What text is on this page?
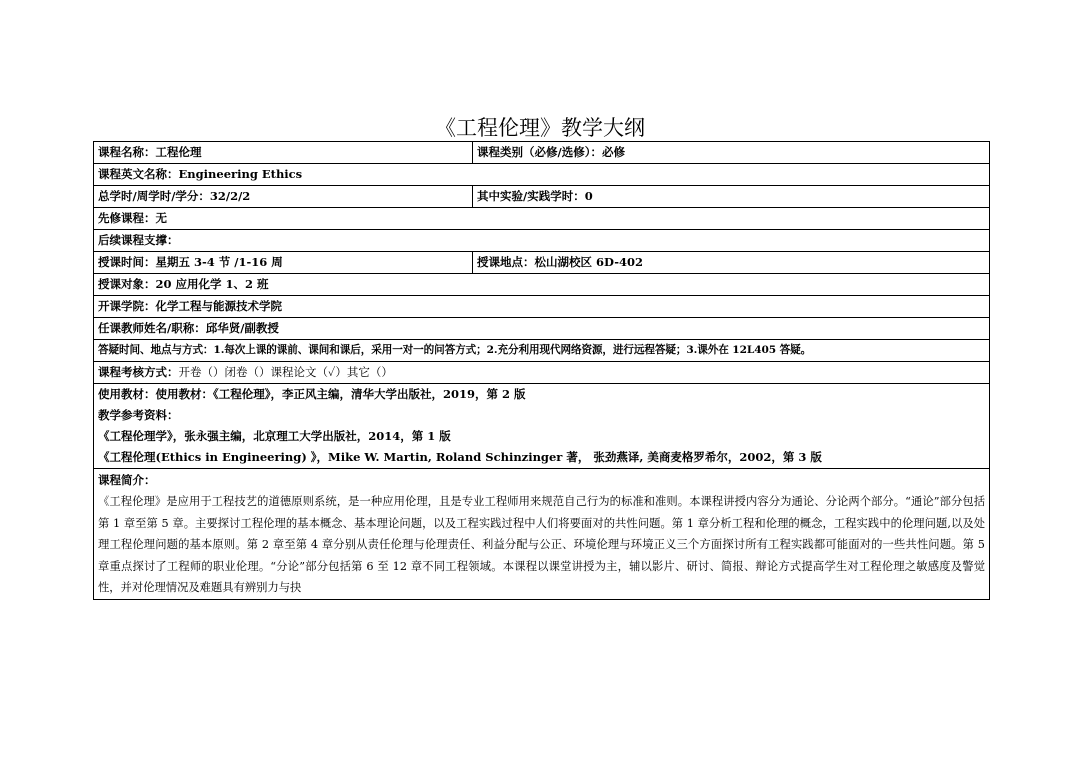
《工程伦理》教学大纲
课程名称：工程伦理	课程类别（必修/选修）：必修
课程英文名称：Engineering Ethics	
总学时/周学时/学分：32/2/2	其中实验/实践学时：0
先修课程：无	
后续课程支撑：	
授课时间：星期五 3-4 节 /1-16 周	授课地点：松山湖校区 6D-402
授课对象：20 应用化学 1、2 班	
开课学院：化学工程与能源技术学院	
任课教师姓名/职称：邱华贤/副教授	
答疑时间、地点与方式：1.每次上课的课前、课间和课后，采用一对一的问答方式；2.充分利用现代网络资源，进行远程答疑；3.课外在 12L405 答疑。	
课程考核方式：开卷（）闭卷（）课程论文（✓）其它（）	

使用教材：使用教材：《工程伦理》，李正风主编，清华大学出版社，2019，第 2 版
教学参考资料：
《工程伦理学》，张永强主编，北京理工大学出版社，2014，第 1 版
《工程伦理(Ethics in Engineering) 》，Mike W. Martin, Roland Schinzinger 著， 张劲燕译, 美商麦格罗希尔，2002，第 3 版	

课程简介：
《工程伦理》是应用于工程技艺的道德原则系统，是一种应用伦理，且是专业工程师用来规范自己行为的标准和准则。本课程讲授内容分为通论、分论两个部分。“通论”部分包括第 1 章至第 5 章。主要探讨工程伦理的基本概念、基本理论问题，以及工程实践过程中人们将要面对的共性问题。第 1 章分析工程和伦理的概念，工程实践中的伦理问题,以及处理工程伦理问题的基本原则。第 2 章至第 4 章分别从责任伦理与伦理责任、利益分配与公正、环境伦理与环境正义三个方面探讨所有工程实践都可能面对的一些共性问题。第 5 章重点探讨了工程师的职业伦理。“分论”部分包括第 6 至 12 章不同工程领域。本课程以课堂讲授为主，辅以影片、研讨、简报、辩论方式提高学生对工程伦理之敏感度及警觉性，并对伦理情况及难题具有辨别力与抉	
